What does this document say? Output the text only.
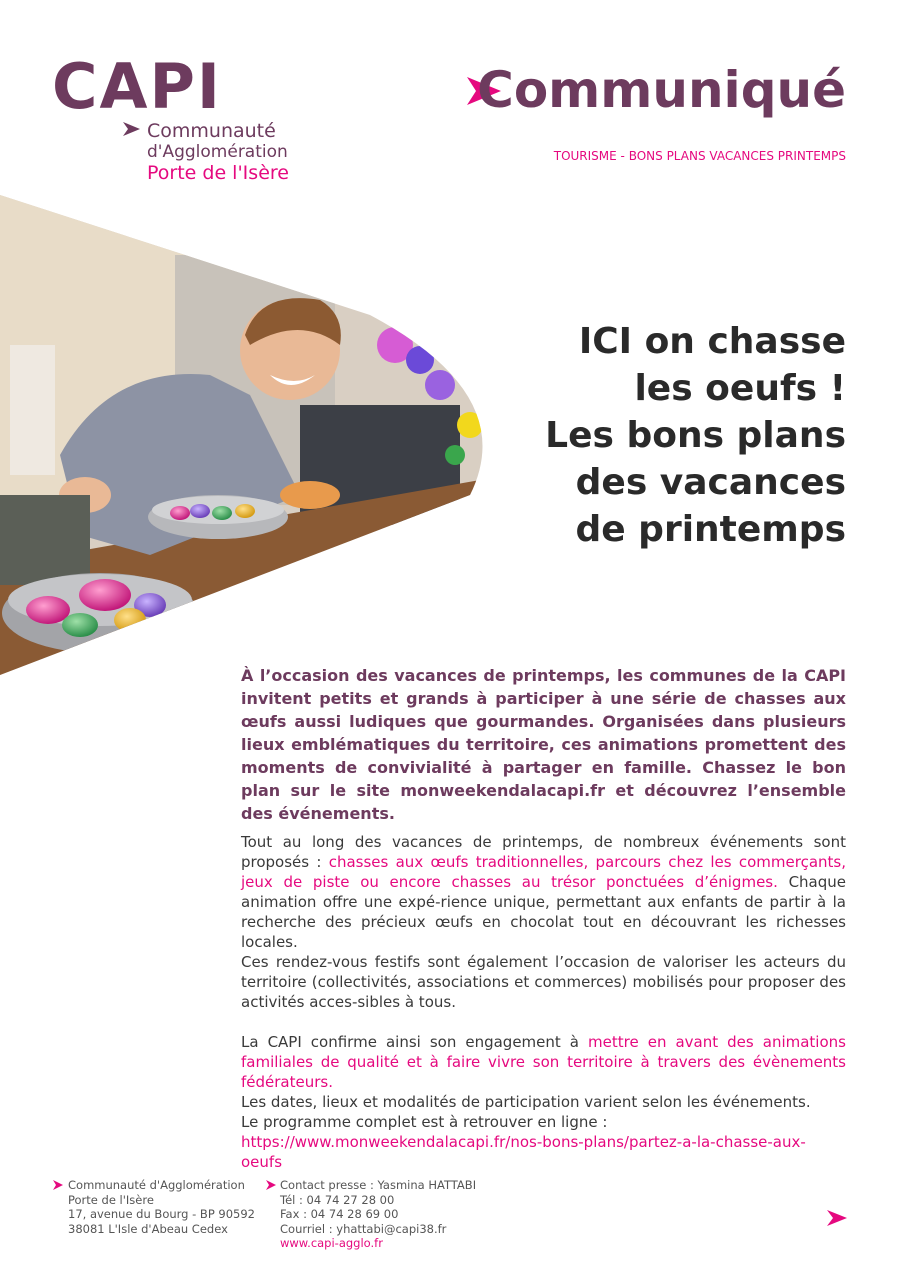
CAPI
Communauté
d'Agglomération
Porte de l'Isère
Communiqué
TOURISME - BONS PLANS VACANCES PRINTEMPS
ICI on chasse
les oeufs !
Les bons plans
des vacances
de printemps
À l’occasion des vacances de printemps, les communes de la CAPI invitent petits et grands à participer à une série de chasses aux œufs aussi ludiques que gourmandes. Organisées dans plusieurs lieux emblématiques du territoire, ces animations promettent des moments de convivialité à partager en famille. Chassez le bon plan sur le site monweekendalacapi.fr et découvrez l’ensemble des événements.
Tout au long des vacances de printemps, de nombreux événements sont proposés : chasses aux œufs traditionnelles, parcours chez les commerçants, jeux de piste ou encore chasses au trésor ponctuées d’énigmes. Chaque animation offre une expé-rience unique, permettant aux enfants de partir à la recherche des précieux œufs en chocolat tout en découvrant les richesses locales.
Ces rendez-vous festifs sont également l’occasion de valoriser les acteurs du territoire (collectivités, associations et commerces) mobilisés pour proposer des activités acces-sibles à tous.
La CAPI confirme ainsi son engagement à mettre en avant des animations familiales de qualité et à faire vivre son territoire à travers des évènements fédérateurs.
Les dates, lieux et modalités de participation varient selon les événements.
Le programme complet est à retrouver en ligne :
https://www.monweekendalacapi.fr/nos-bons-plans/partez-a-la-chasse-aux-oeufs
Communauté d'Agglomération
Porte de l'Isère
17, avenue du Bourg - BP 90592
38081 L'Isle d'Abeau Cedex
Contact presse : Yasmina HATTABI
Tél : 04 74 27 28 00
Fax : 04 74 28 69 00
Courriel : yhattabi@capi38.fr
www.capi-agglo.fr
